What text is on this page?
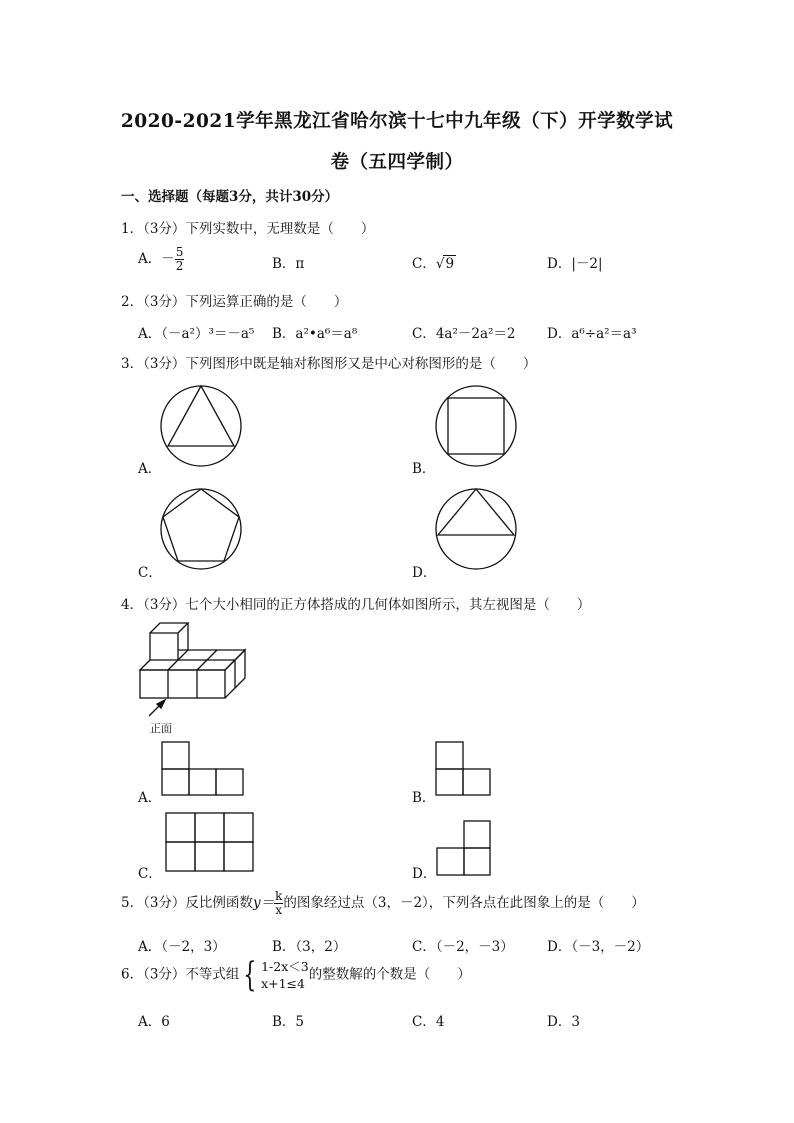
2020-2021学年黑龙江省哈尔滨十七中九年级（下）开学数学试
卷（五四学制）
一、选择题（每题3分，共计30分）
1．（3分）下列实数中，无理数是（　　）
A．－ $\frac{5}{2}$	B．π	C．√9	D．|－2|
2．（3分）下列运算正确的是（　　）
A．（－a²）³＝－a⁵ B．a²•a⁶＝a⁸	C．4a²－2a²＝2 D．a⁶÷a²＝a³
3．（3分）下列图形中既是轴对称图形又是中心对称图形的是（　　）
A．	B．
C．	D．
4．（3分）七个大小相同的正方体搭成的几何体如图所示，其左视图是（　　）
正面
A．	B．
C．	D．
5．（3分）反比例函数$y= \frac{k}{x}$ 的图象经过点（3，－2），下列各点在此图象上的是（　　）
A．（－2，3）	B．（3，2）	C．（－2，－3） D．（－3，－2）
6．（3分）不等式组 { 1-2x＜3
x+1≤4
的整数解的个数是（　　）
A．6	B．5	C．4	D．3
